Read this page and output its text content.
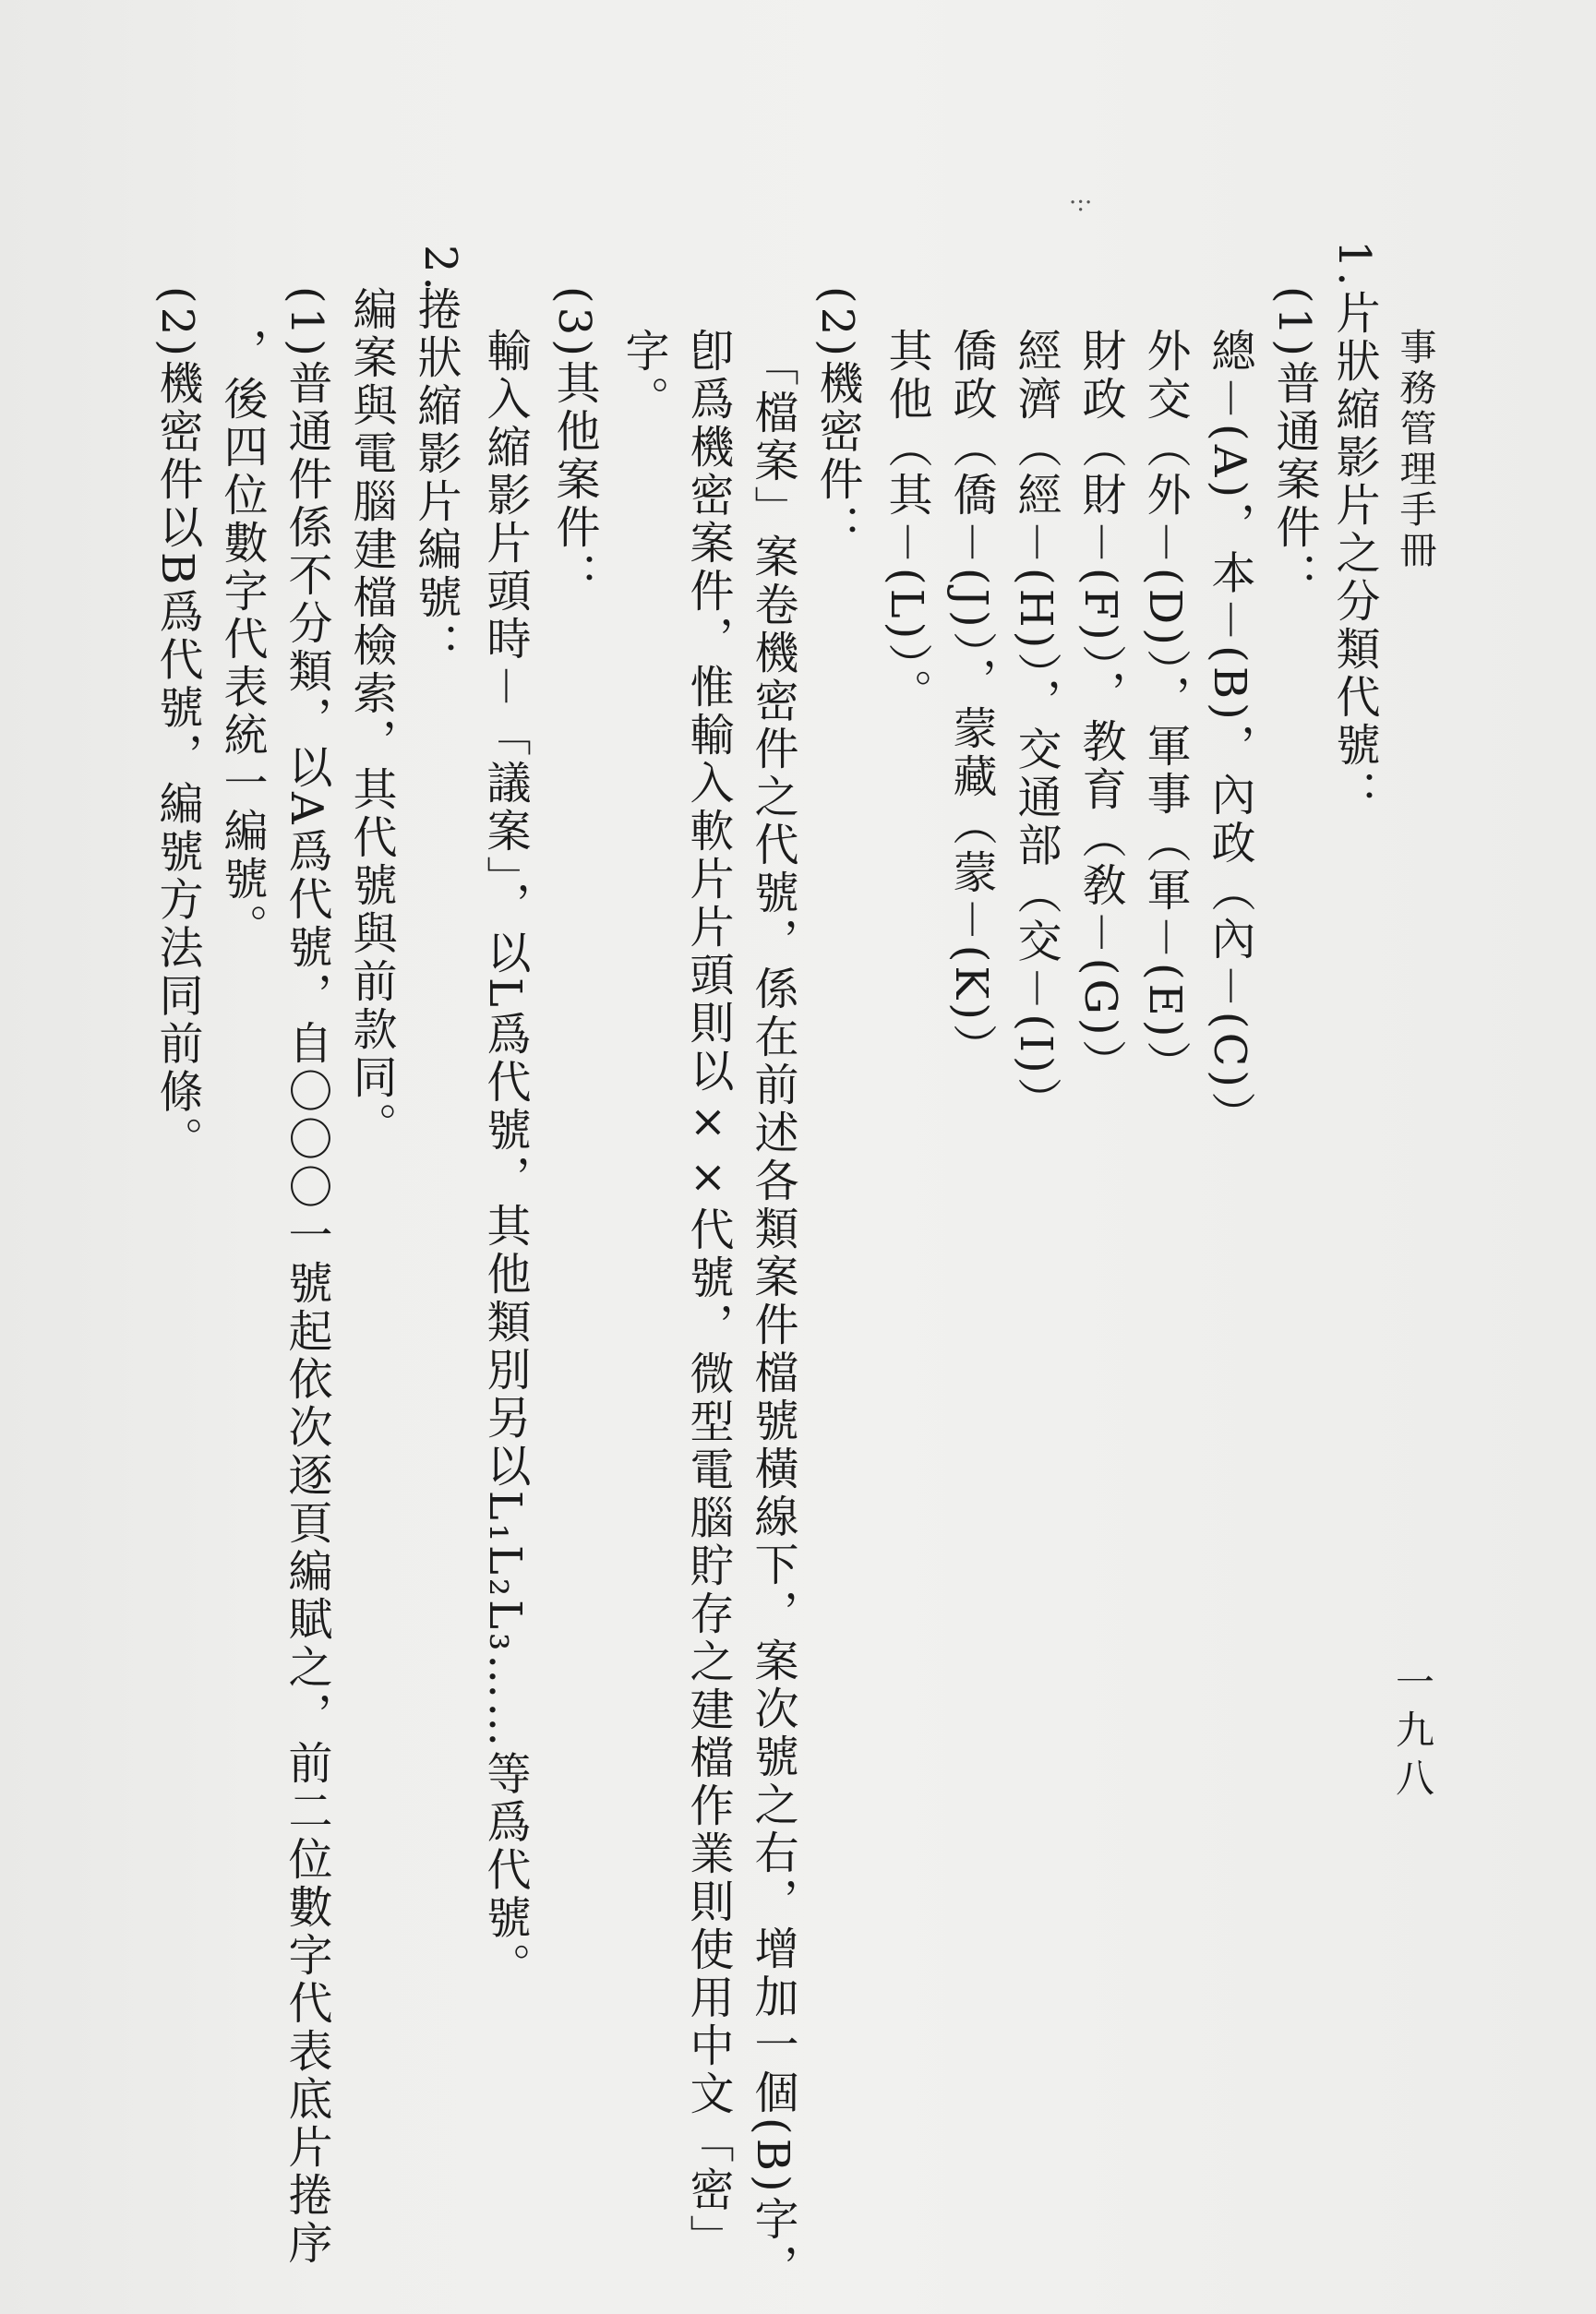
·:·
事務管理手冊
一九八
1.片狀縮影片之分類代號：
(1)普通案件：
總－(A)，本－(B)，內政（內－(C)）
外交（外－(D)），軍事（軍－(E)）
財政（財－(F)），教育（敎－(G)）
經濟（經－(H)），交通部（交－(I)）
僑政（僑－(J)），蒙藏（蒙－(K)）
其他（其－(L)）。
(2)機密件：
「檔案」案卷機密件之代號，係在前述各類案件檔號橫線下，案次號之右，增加一個(B)字，
卽爲機密案件，惟輸入軟片片頭則以××代號，微型電腦貯存之建檔作業則使用中文「密」
字。
(3)其他案件：
輸入縮影片頭時－「議案」，以L爲代號，其他類別另以L₁L₂L₃……等爲代號。
2.
捲狀縮影片編號：
編案與電腦建檔檢索，其代號與前款同。
(1)普通件係不分類，以A爲代號，自〇〇〇一號起依次逐頁編賦之，前二位數字代表底片捲序
，後四位數字代表統一編號。
(2)機密件以B爲代號，編號方法同前條。
